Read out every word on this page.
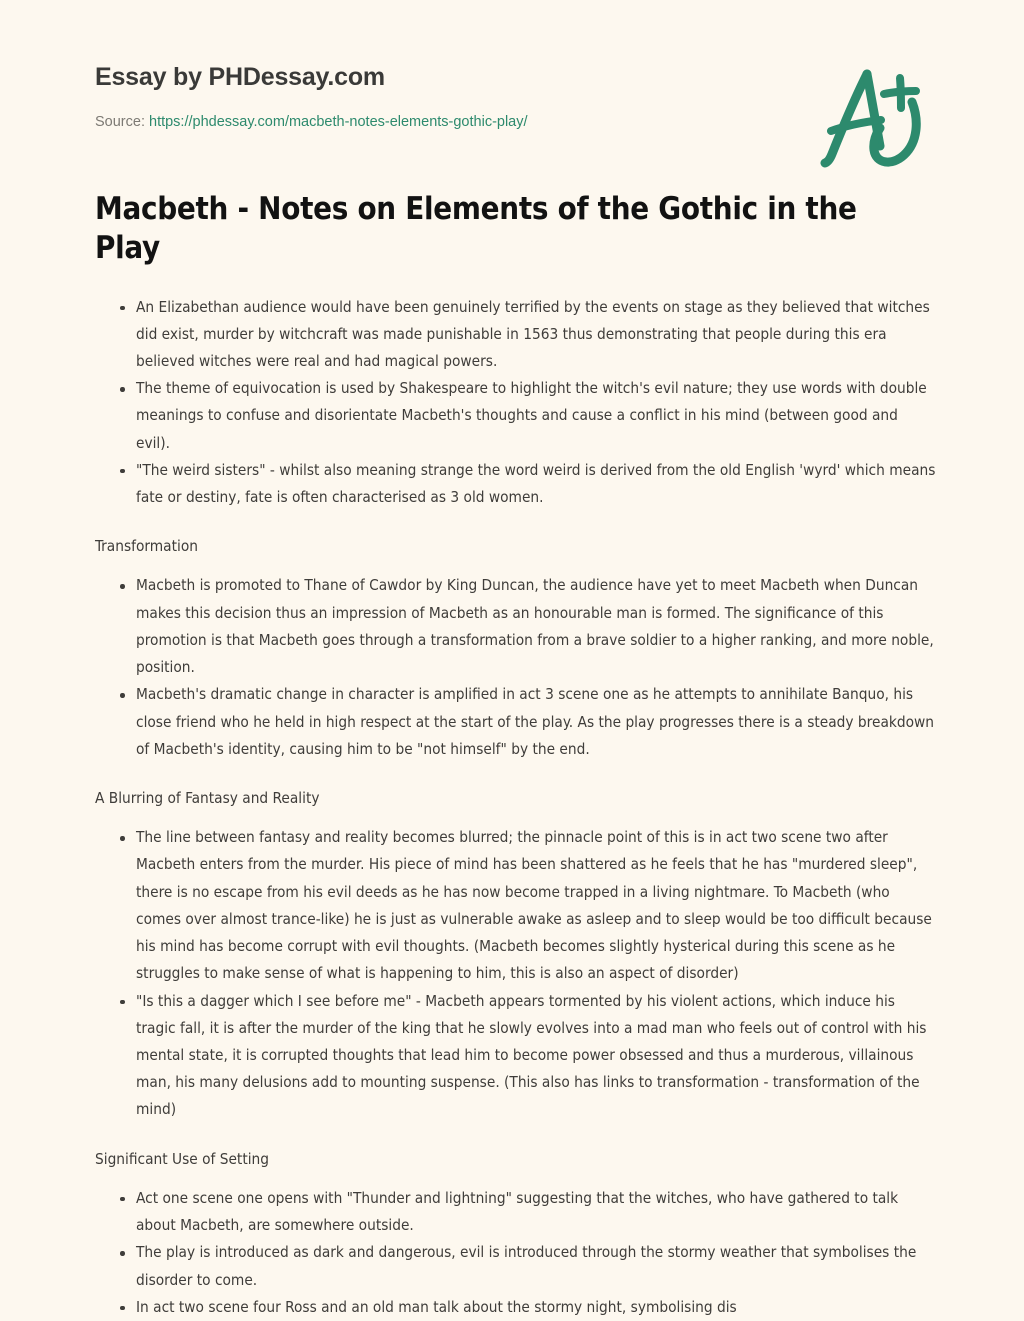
Essay by PHDessay.com
Source: https://phdessay.com/macbeth-notes-elements-gothic-play/
Macbeth - Notes on Elements of the Gothic in the Play
An Elizabethan audience would have been genuinely terrified by the events on stage as they believed that witches did exist, murder by witchcraft was made punishable in 1563 thus demonstrating that people during this era believed witches were real and had magical powers.
The theme of equivocation is used by Shakespeare to highlight the witch's evil nature; they use words with double meanings to confuse and disorientate Macbeth's thoughts and cause a conflict in his mind (between good and evil).
"The weird sisters" - whilst also meaning strange the word weird is derived from the old English 'wyrd' which means fate or destiny, fate is often characterised as 3 old women.
Transformation
Macbeth is promoted to Thane of Cawdor by King Duncan, the audience have yet to meet Macbeth when Duncan makes this decision thus an impression of Macbeth as an honourable man is formed. The significance of this promotion is that Macbeth goes through a transformation from a brave soldier to a higher ranking, and more noble, position.
Macbeth's dramatic change in character is amplified in act 3 scene one as he attempts to annihilate Banquo, his close friend who he held in high respect at the start of the play. As the play progresses there is a steady breakdown of Macbeth's identity, causing him to be "not himself" by the end.
A Blurring of Fantasy and Reality
The line between fantasy and reality becomes blurred; the pinnacle point of this is in act two scene two after Macbeth enters from the murder. His piece of mind has been shattered as he feels that he has "murdered sleep", there is no escape from his evil deeds as he has now become trapped in a living nightmare. To Macbeth (who comes over almost trance-like) he is just as vulnerable awake as asleep and to sleep would be too difficult because his mind has become corrupt with evil thoughts. (Macbeth becomes slightly hysterical during this scene as he struggles to make sense of what is happening to him, this is also an aspect of disorder)
"Is this a dagger which I see before me" - Macbeth appears tormented by his violent actions, which induce his tragic fall, it is after the murder of the king that he slowly evolves into a mad man who feels out of control with his mental state, it is corrupted thoughts that lead him to become power obsessed and thus a murderous, villainous man, his many delusions add to mounting suspense. (This also has links to transformation - transformation of the mind)
Significant Use of Setting
Act one scene one opens with "Thunder and lightning" suggesting that the witches, who have gathered to talk about Macbeth, are somewhere outside.
The play is introduced as dark and dangerous, evil is introduced through the stormy weather that symbolises the disorder to come.
In act two scene four Ross and an old man talk about the stormy night, symbolising dis
